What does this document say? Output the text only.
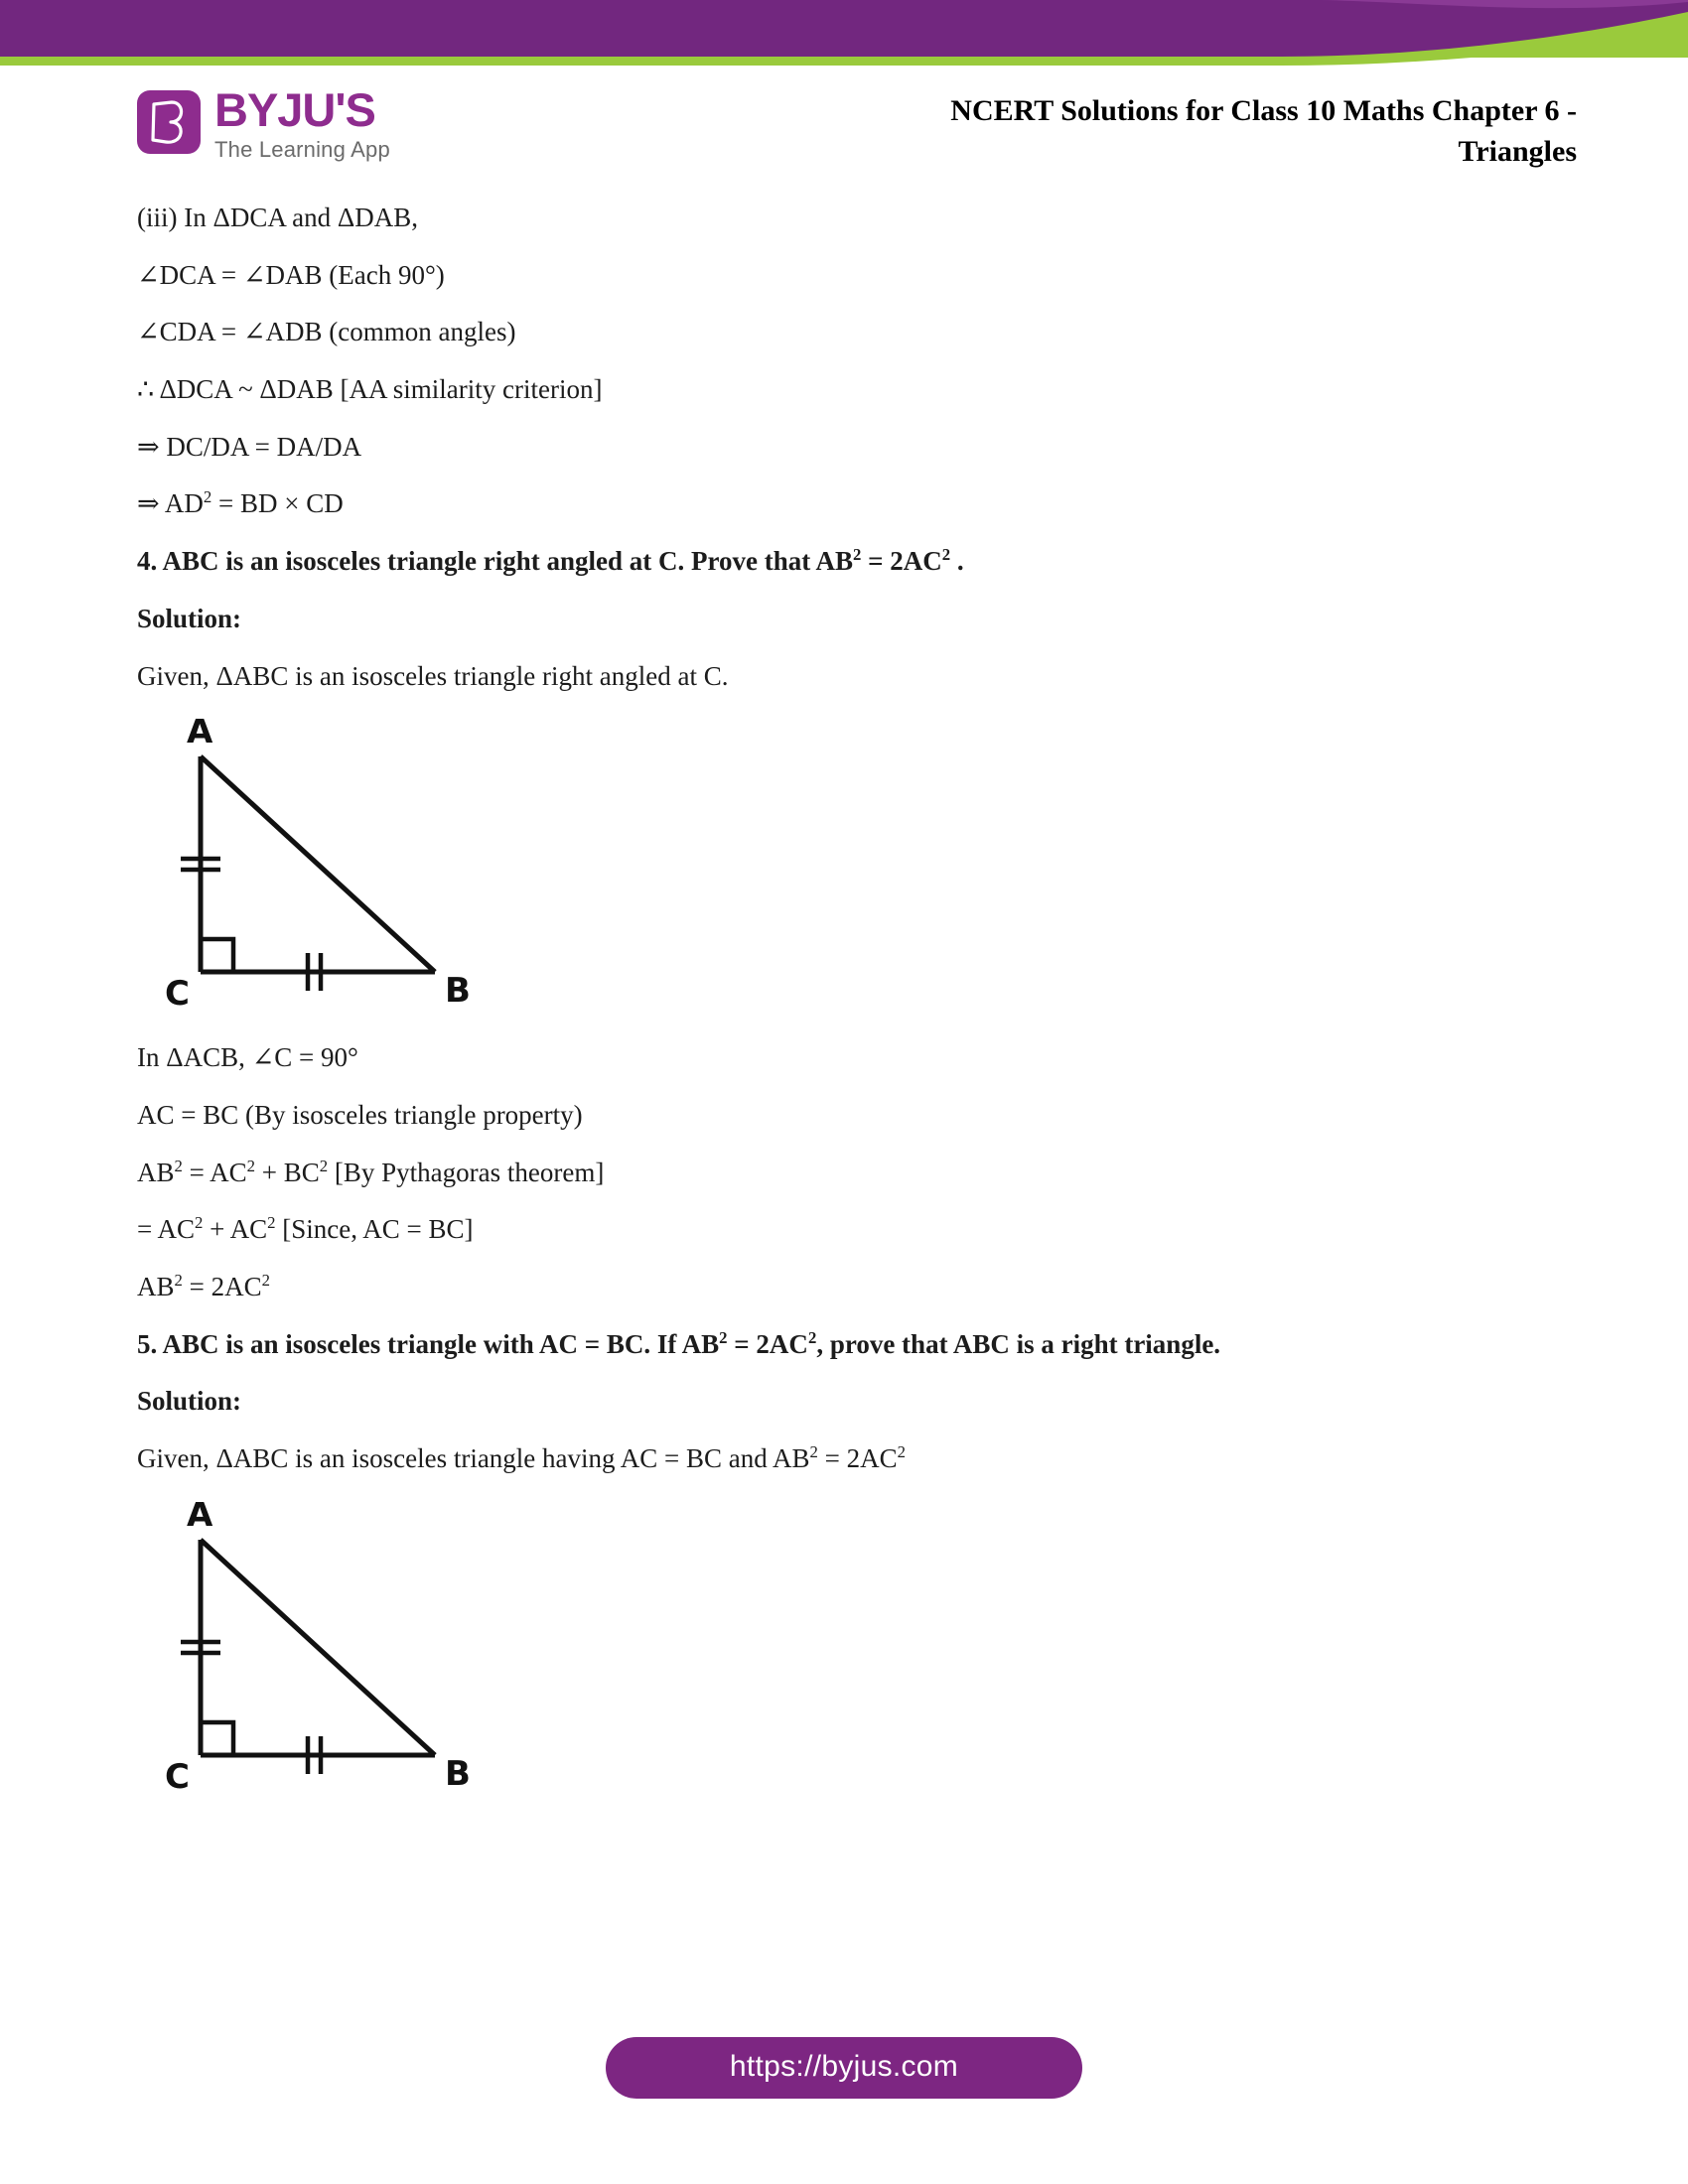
BYJU'S
The Learning App
NCERT Solutions for Class 10 Maths Chapter 6 -
Triangles

(iii) In ΔDCA and ΔDAB,

∠DCA = ∠DAB (Each 90°)

∠CDA = ∠ADB (common angles)

∴ ΔDCA ~ ΔDAB [AA similarity criterion]

⇒ DC/DA = DA/DA

⇒ $AD^2$ = BD × CD

4. ABC is an isosceles triangle right angled at C. Prove that $AB^2 = 2AC^2$ .

Solution:

Given, ΔABC is an isosceles triangle right angled at C.

A
B
C

In ΔACB, ∠C = 90°

AC = BC (By isosceles triangle property)

$AB^2 = AC^2 + BC^2$ [By Pythagoras theorem]

= $AC^2 + AC^2$ [Since, AC = BC]

$AB^2 = 2AC^2$

5. ABC is an isosceles triangle with AC = BC. If $AB^2 = 2AC^2$, prove that ABC is a right triangle.

Solution:

Given, ΔABC is an isosceles triangle having AC = BC and $AB^2 = 2AC^2$

A
B
C
https://byjus.com
